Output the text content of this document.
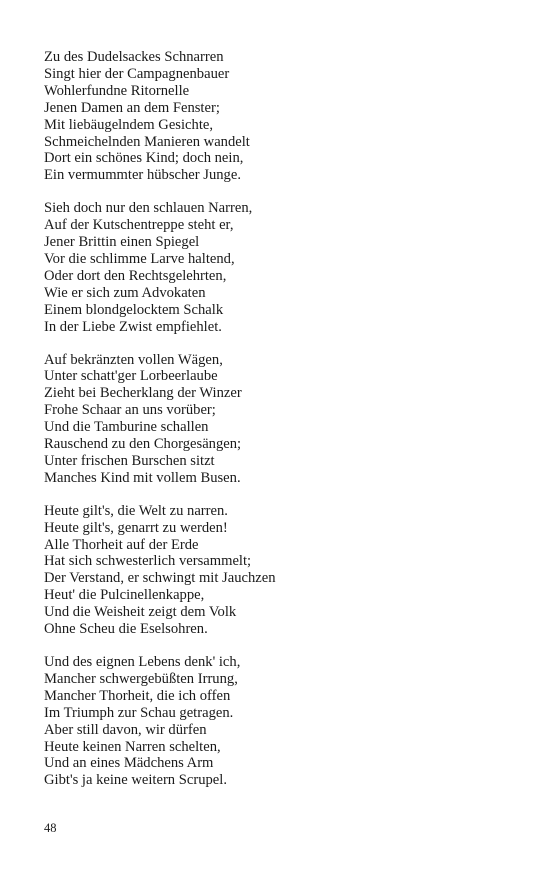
Zu des Dudelsackes Schnarren
Singt hier der Campagnenbauer
Wohlerfundne Ritornelle
Jenen Damen an dem Fenster;
Mit liebäugelndem Gesichte,
Schmeichelnden Manieren wandelt
Dort ein schönes Kind; doch nein,
Ein vermummter hübscher Junge.
Sieh doch nur den schlauen Narren,
Auf der Kutschentreppe steht er,
Jener Brittin einen Spiegel
Vor die schlimme Larve haltend,
Oder dort den Rechtsgelehrten,
Wie er sich zum Advokaten
Einem blondgelocktem Schalk
In der Liebe Zwist empfiehlet.
Auf bekränzten vollen Wägen,
Unter schatt'ger Lorbeerlaube
Zieht bei Becherklang der Winzer
Frohe Schaar an uns vorüber;
Und die Tamburine schallen
Rauschend zu den Chorgesängen;
Unter frischen Burschen sitzt
Manches Kind mit vollem Busen.
Heute gilt's, die Welt zu narren.
Heute gilt's, genarrt zu werden!
Alle Thorheit auf der Erde
Hat sich schwesterlich versammelt;
Der Verstand, er schwingt mit Jauchzen
Heut' die Pulcinellenkappe,
Und die Weisheit zeigt dem Volk
Ohne Scheu die Eselsohren.
Und des eignen Lebens denk' ich,
Mancher schwergebüßten Irrung,
Mancher Thorheit, die ich offen
Im Triumph zur Schau getragen.
Aber still davon, wir dürfen
Heute keinen Narren schelten,
Und an eines Mädchens Arm
Gibt's ja keine weitern Scrupel.
48
